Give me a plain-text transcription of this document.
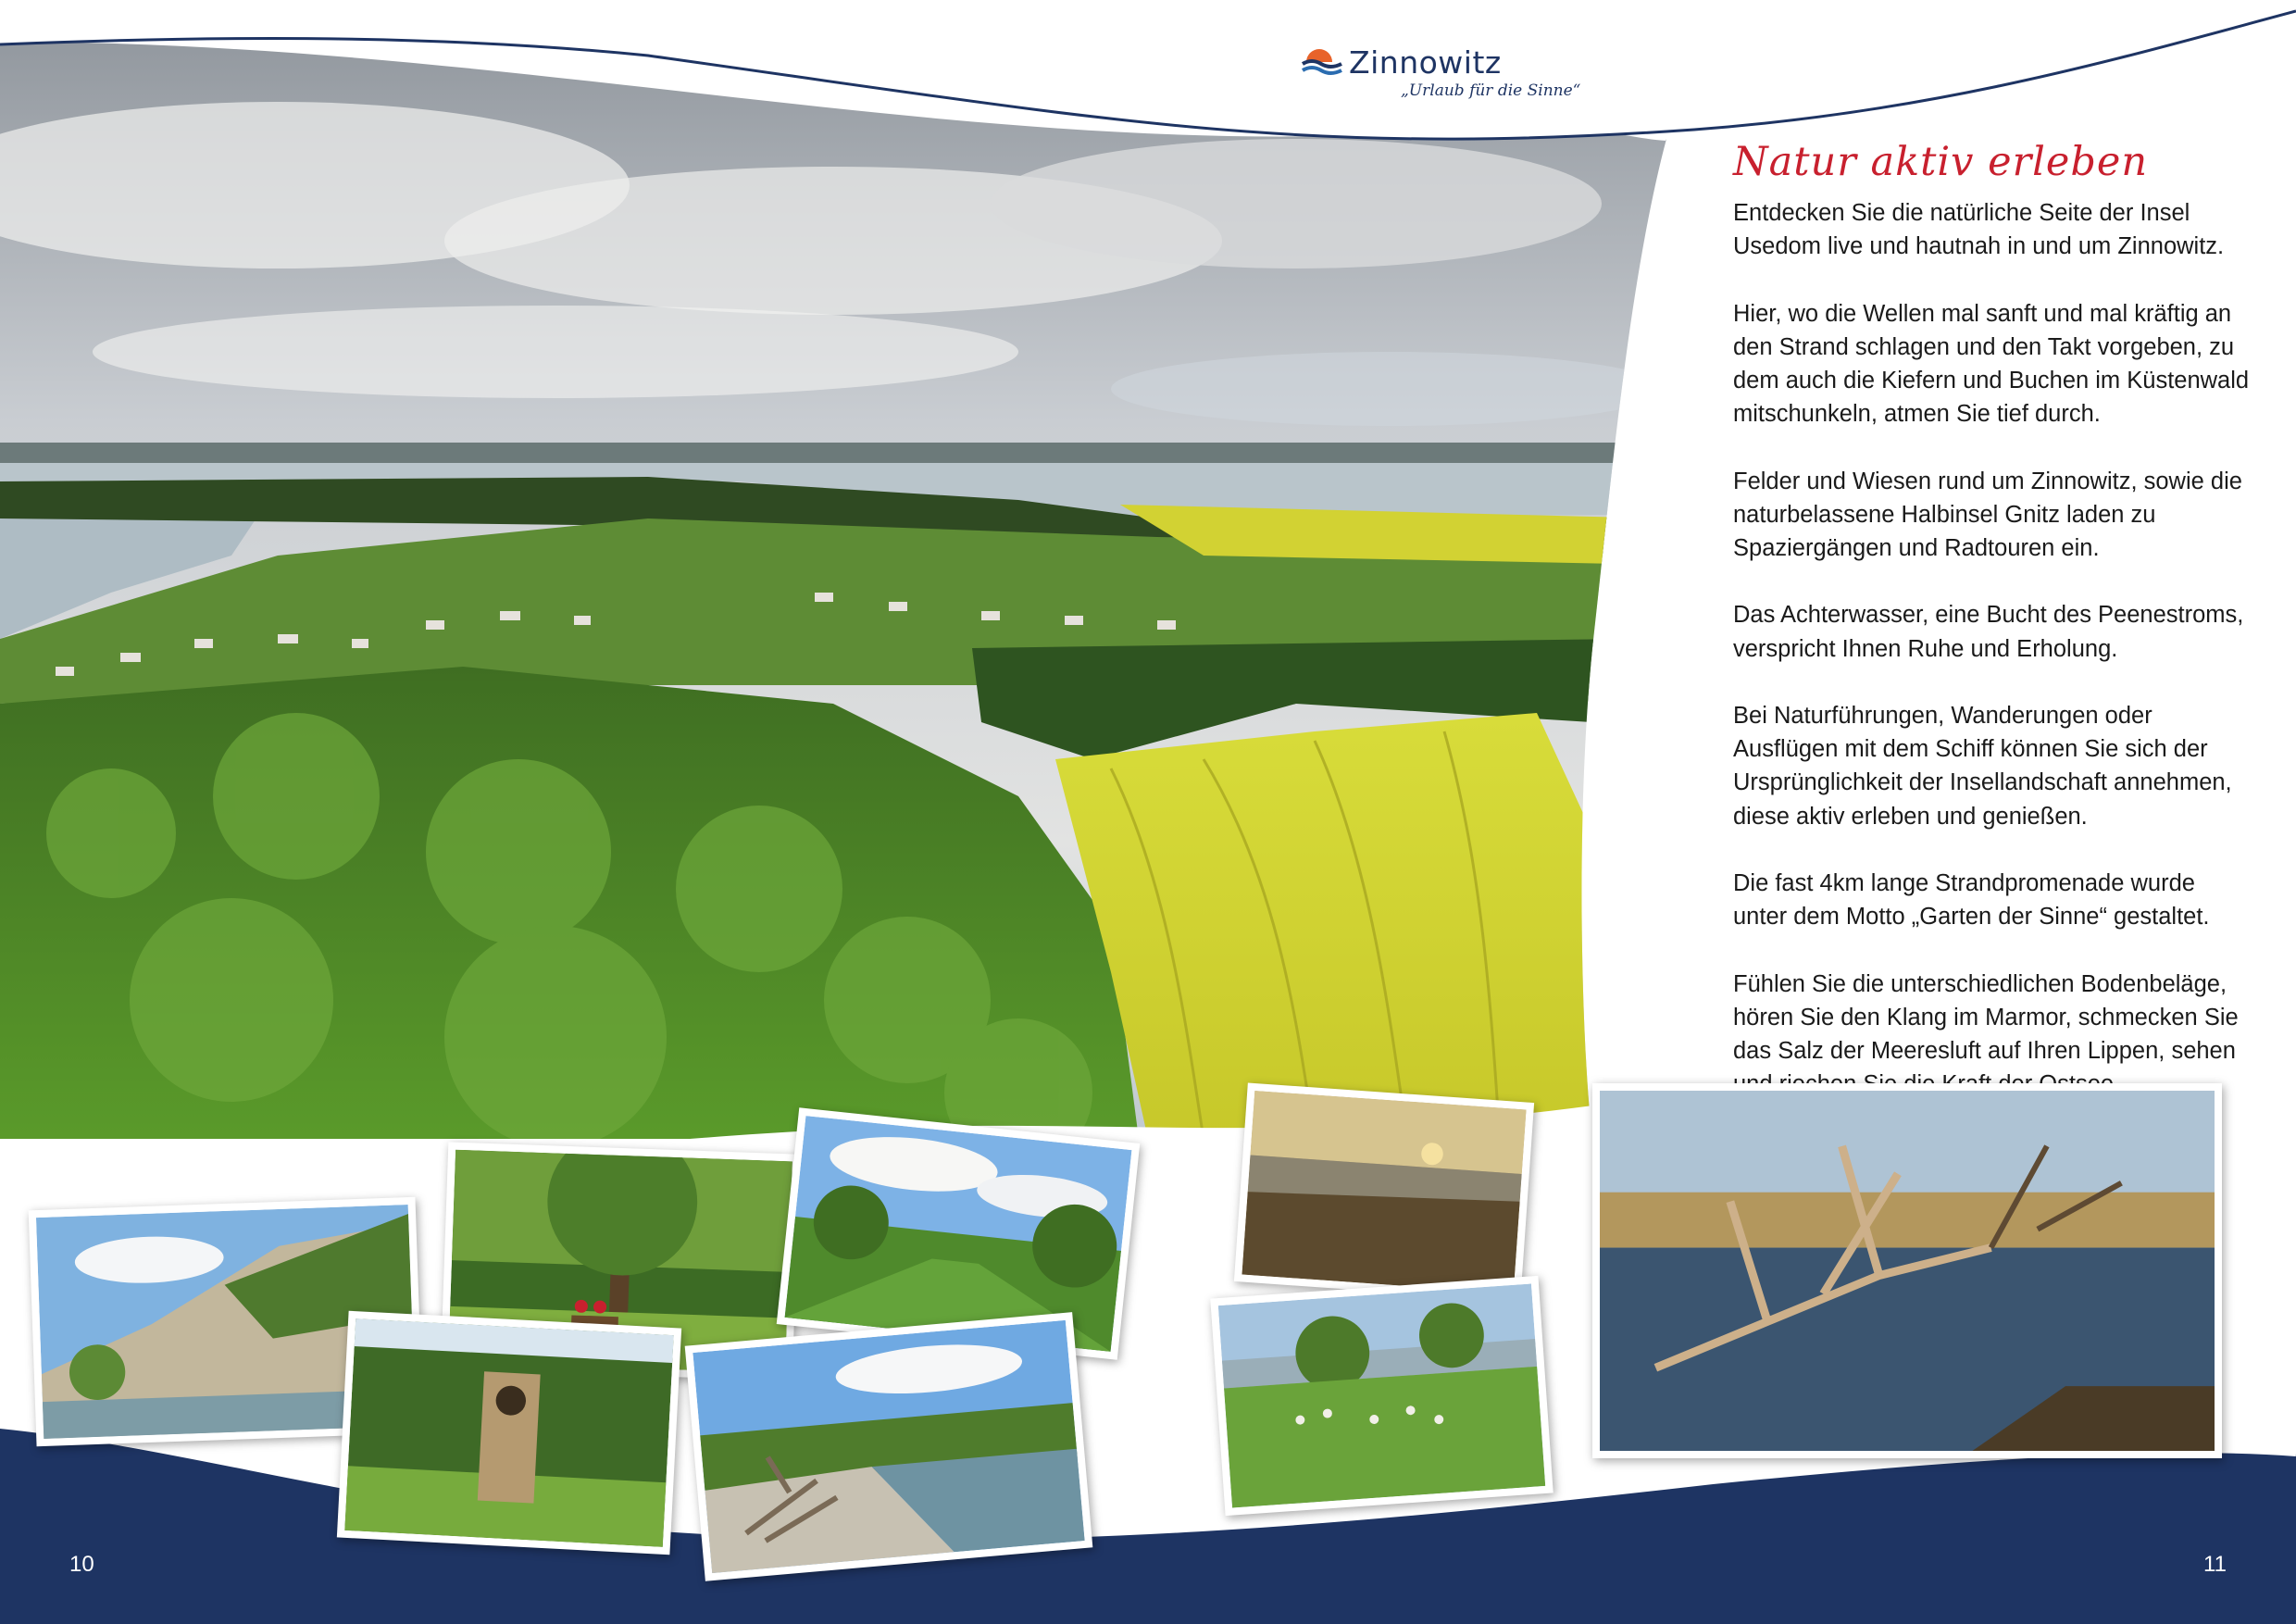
Zinnowitz
„Urlaub für die Sinne“
Natur aktiv erleben

Entdecken Sie die natürliche Seite der Insel Usedom live und hautnah in und um Zinnowitz.

Hier, wo die Wellen mal sanft und mal kräftig an den Strand schlagen und den Takt vorgeben, zu dem auch die Kiefern und Buchen im Küstenwald mitschunkeln, atmen Sie tief durch.

Felder und Wiesen rund um Zinnowitz, sowie die naturbelassene Halbinsel Gnitz laden zu Spaziergängen und Radtouren ein.

Das Achterwasser, eine Bucht des Peenestroms, verspricht Ihnen Ruhe und Erholung.

Bei Naturführungen, Wanderungen oder Ausflügen mit dem Schiff können Sie sich der Ursprünglichkeit der Insellandschaft annehmen, diese aktiv erleben und genießen.

Die fast 4km lange Strandpromenade wurde unter dem Motto „Garten der Sinne“ gestaltet.

Fühlen Sie die unterschiedlichen Bodenbeläge, hören Sie den Klang im Marmor, schmecken Sie das Salz der Meeresluft auf Ihren Lippen, sehen

10	11
